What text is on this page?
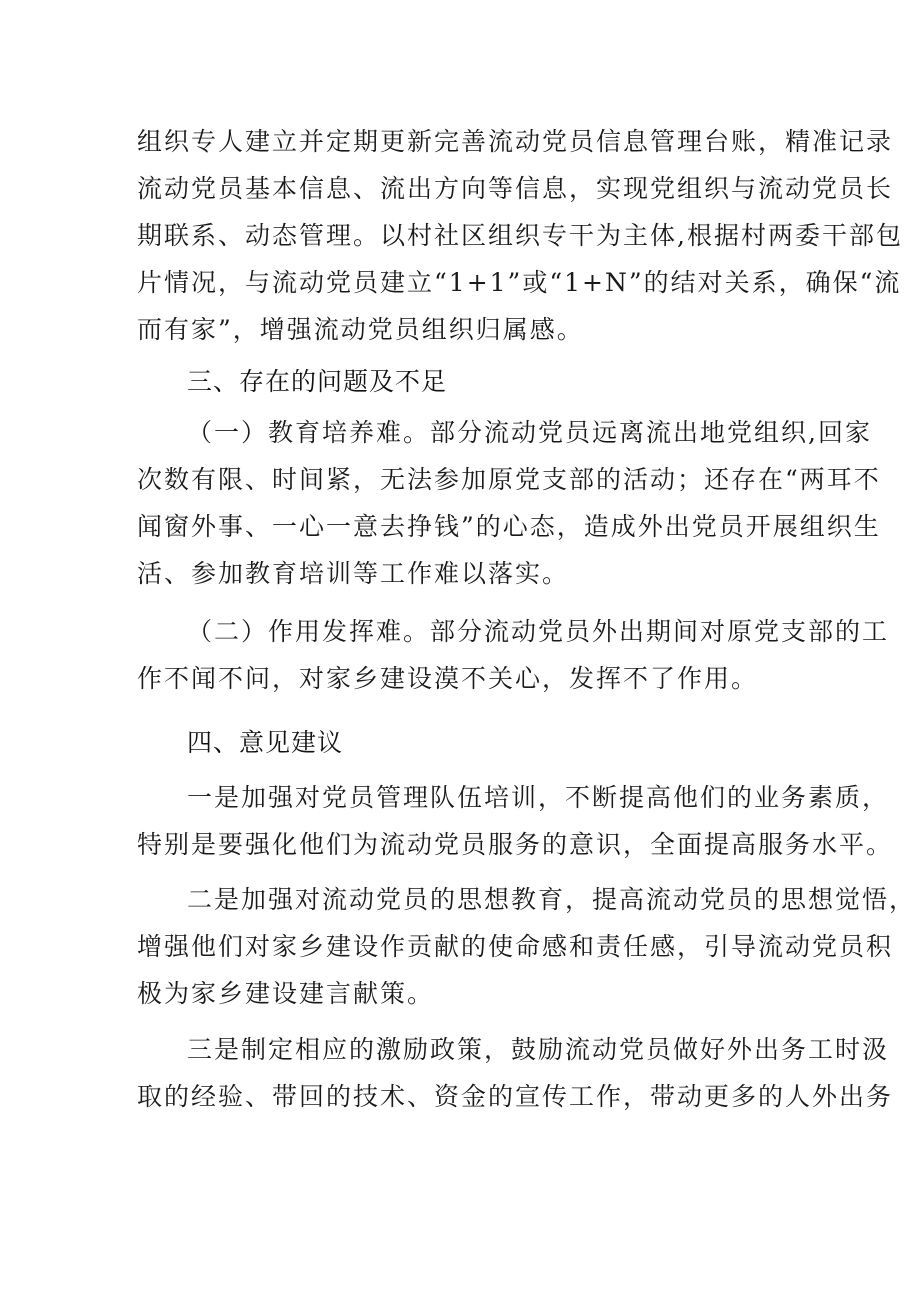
组织专人建立并定期更新完善流动党员信息管理台账，精准记录
流动党员基本信息、流出方向等信息，实现党组织与流动党员长
期联系、动态管理。以村社区组织专干为主体,根据村两委干部包
片情况，与流动党员建立“1+1”或“1+N”的结对关系，确保“流
而有家”，增强流动党员组织归属感。
三、存在的问题及不足
（一）教育培养难。部分流动党员远离流出地党组织,回家
次数有限、时间紧，无法参加原党支部的活动；还存在“两耳不
闻窗外事、一心一意去挣钱”的心态，造成外出党员开展组织生
活、参加教育培训等工作难以落实。
（二）作用发挥难。部分流动党员外出期间对原党支部的工
作不闻不问，对家乡建设漠不关心，发挥不了作用。
四、意见建议
一是加强对党员管理队伍培训，不断提高他们的业务素质，
特别是要强化他们为流动党员服务的意识，全面提高服务水平。
二是加强对流动党员的思想教育，提高流动党员的思想觉悟，
增强他们对家乡建设作贡献的使命感和责任感，引导流动党员积
极为家乡建设建言献策。
三是制定相应的激励政策，鼓励流动党员做好外出务工时汲
取的经验、带回的技术、资金的宣传工作，带动更多的人外出务
